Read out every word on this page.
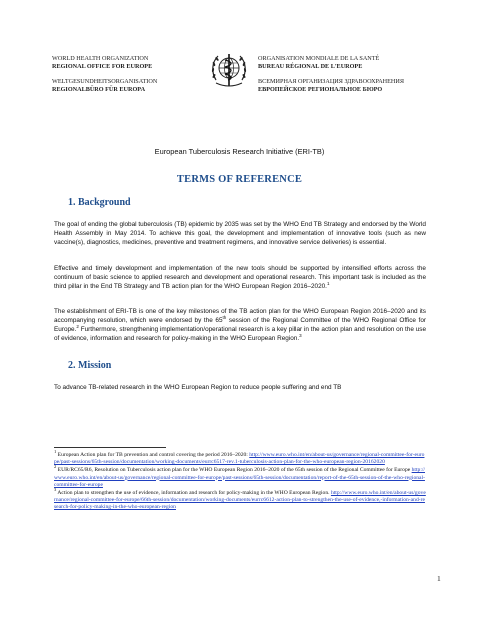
WORLD HEALTH ORGANIZATION
REGIONAL OFFICE FOR EUROPE
WELTGESUNDHEITSORGANISATION
REGIONALBÜRO FÜR EUROPA
ORGANISATION MONDIALE DE LA SANTÉ
BUREAU RÉGIONAL DE L'EUROPE
ВСЕМИРНАЯ ОРГАНИЗАЦИЯ ЗДРАВООХРАНЕНИЯ
ЕВРОПЕЙСКОЕ РЕГИОНАЛЬНОЕ БЮРО
European Tuberculosis Research Initiative (ERI-TB)
TERMS OF REFERENCE
1. Background
The goal of ending the global tuberculosis (TB) epidemic by 2035 was set by the WHO End TB Strategy and endorsed by the World Health Assembly in May 2014. To achieve this goal, the development and implementation of innovative tools (such as new vaccine(s), diagnostics, medicines, preventive and treatment regimens, and innovative service deliveries) is essential.
Effective and timely development and implementation of the new tools should be supported by intensified efforts across the continuum of basic science to applied research and development and operational research. This important task is included as the third pillar in the End TB Strategy and TB action plan for the WHO European Region 2016–2020.$^1$
The establishment of ERI-TB is one of the key milestones of the TB action plan for the WHO European Region 2016–2020 and its accompanying resolution, which were endorsed by the 65th session of the Regional Committee of the WHO Regional Office for Europe.$^2$ Furthermore, strengthening implementation/operational research is a key pillar in the action plan and resolution on the use of evidence, information and research for policy-making in the WHO European Region.$^3$
2. Mission
To advance TB-related research in the WHO European Region to reduce people suffering and end TB
$^1$ European Action plan for TB prevention and control covering the period 2016–2020: http://www.euro.who.int/en/about-us/governance/regional-committee-for-europe/past-sessions/65th-session/documentation/working-documents/eurrc6517-rev.1-tuberculosis-action-plan-for-the-who-european-region-20162020
$^2$ EUR/RC65/R6, Resolution on Tuberculosis action plan for the WHO European Region 2016–2020 of the 65th session of the Regional Committee for Europe http://www.euro.who.int/en/about-us/governance/regional-committee-for-europe/past-sessions/65th-session/documentation/report-of-the-65th-session-of-the-who-regional-committee-for-europe
$^3$ Action plan to strengthen the use of evidence, information and research for policy-making in the WHO European Region. http://www.euro.who.int/en/about-us/governance/regional-committee-for-europe/66th-session/documentation/working-documents/eurrc6612-action-plan-to-strengthen-the-use-of-evidence,-information-and-research-for-policy-making-in-the-who-european-region
1
